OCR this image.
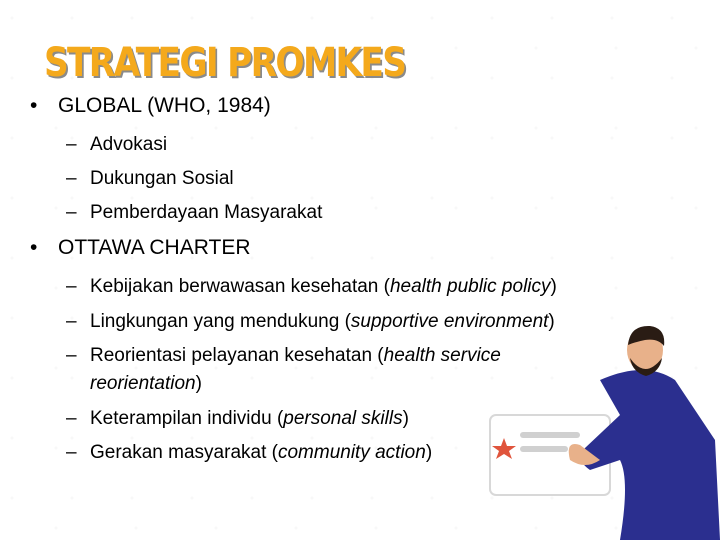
STRATEGI PROMKES
• GLOBAL (WHO, 1984)
– Advokasi
– Dukungan Sosial
– Pemberdayaan Masyarakat
• OTTAWA CHARTER
– Kebijakan berwawasan kesehatan (health public policy)
– Lingkungan yang mendukung (supportive environment)
– Reorientasi pelayanan kesehatan (health service
reorientation)
– Keterampilan individu (personal skills)
– Gerakan masyarakat (community action)
